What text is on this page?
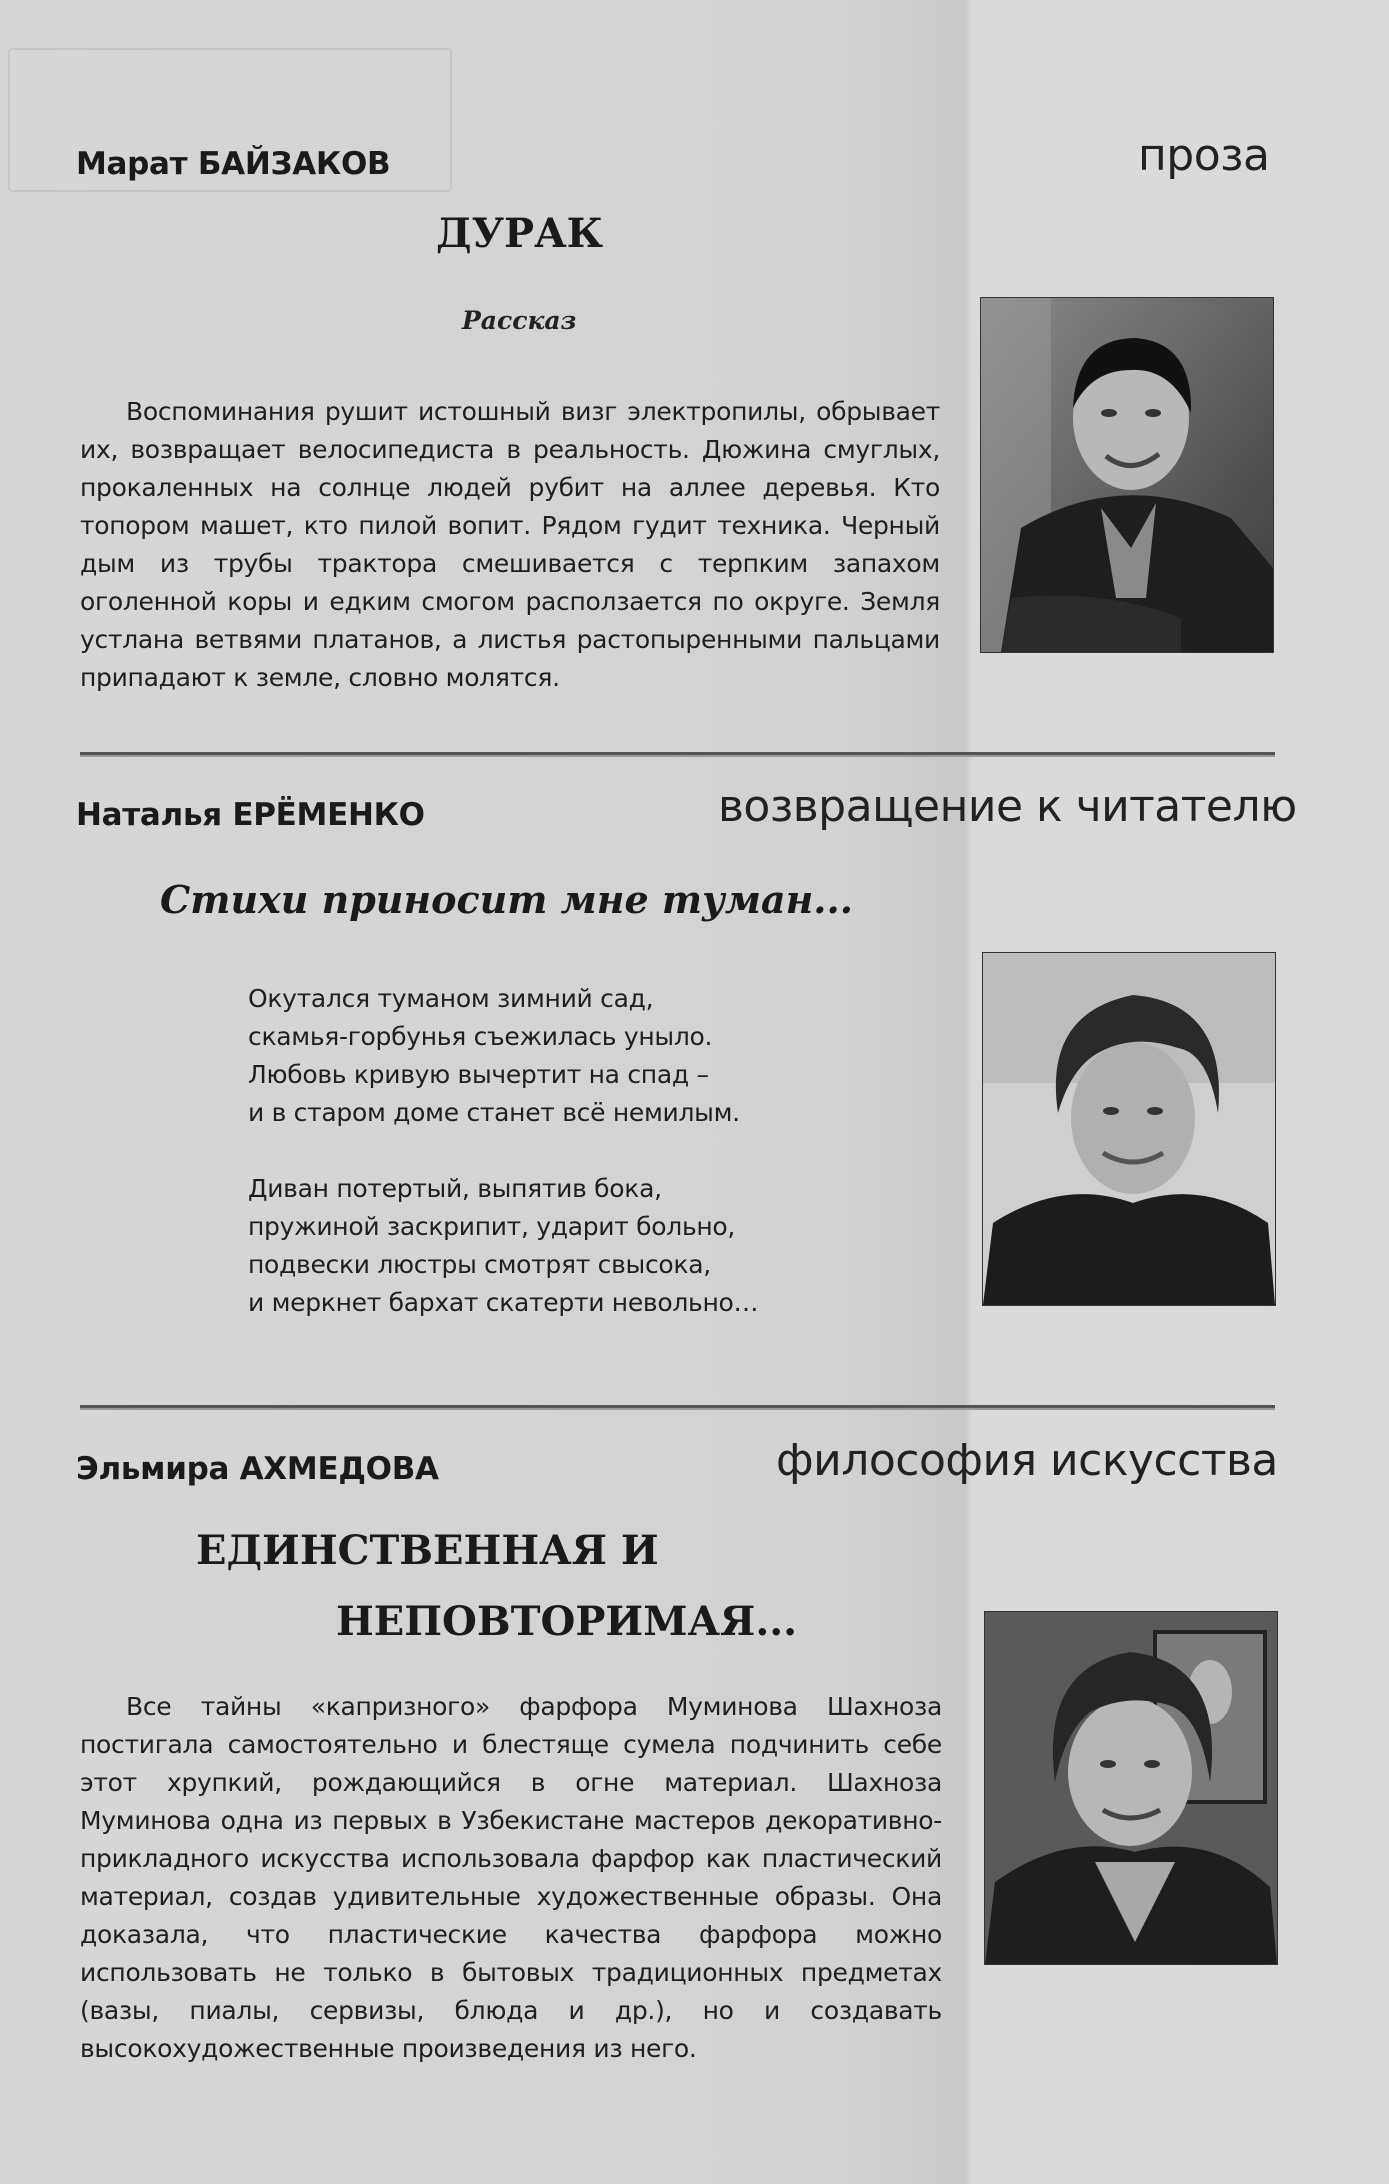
Марат БАЙЗАКОВ	проза
ДУРАК
Рассказ

Воспоминания рушит истошный визг электропилы, обрывает их, возвращает велосипедиста в реальность. Дюжина смуглых, прокаленных на солнце людей рубит на аллее деревья. Кто топором машет, кто пилой вопит. Рядом гудит техника. Черный дым из трубы трактора смешивается с терпким запахом оголенной коры и едким смогом расползается по округе. Земля устлана ветвями платанов, а листья растопыренными пальцами припадают к земле, словно молятся.

Наталья ЕРЁМЕНКО	возвращение к читателю
Стихи приносит мне туман...
Окутался туманом зимний сад,
скамья-горбунья съежилась уныло.
Любовь кривую вычертит на спад –
и в старом доме станет всё немилым.
Диван потертый, выпятив бока,
пружиной заскрипит, ударит больно,
подвески люстры смотрят свысока,
и меркнет бархат скатерти невольно…
Эльмира АХМЕДОВА	философия искусства
ЕДИНСТВЕННАЯ И
НЕПОВТОРИМАЯ...

Все тайны «капризного» фарфора Муминова Шахноза постигала самостоятельно и блестяще сумела подчинить себе этот хрупкий, рождающийся в огне материал. Шахноза Муминова одна из первых в Узбекистане мастеров декоративно-прикладного искусства использовала фарфор как пластический материал, создав удивительные художественные образы. Она доказала, что пластические качества фарфора можно использовать не только в бытовых традиционных предметах (вазы, пиалы, сервизы, блюда и др.), но и создавать высокохудожественные произведения из него.
